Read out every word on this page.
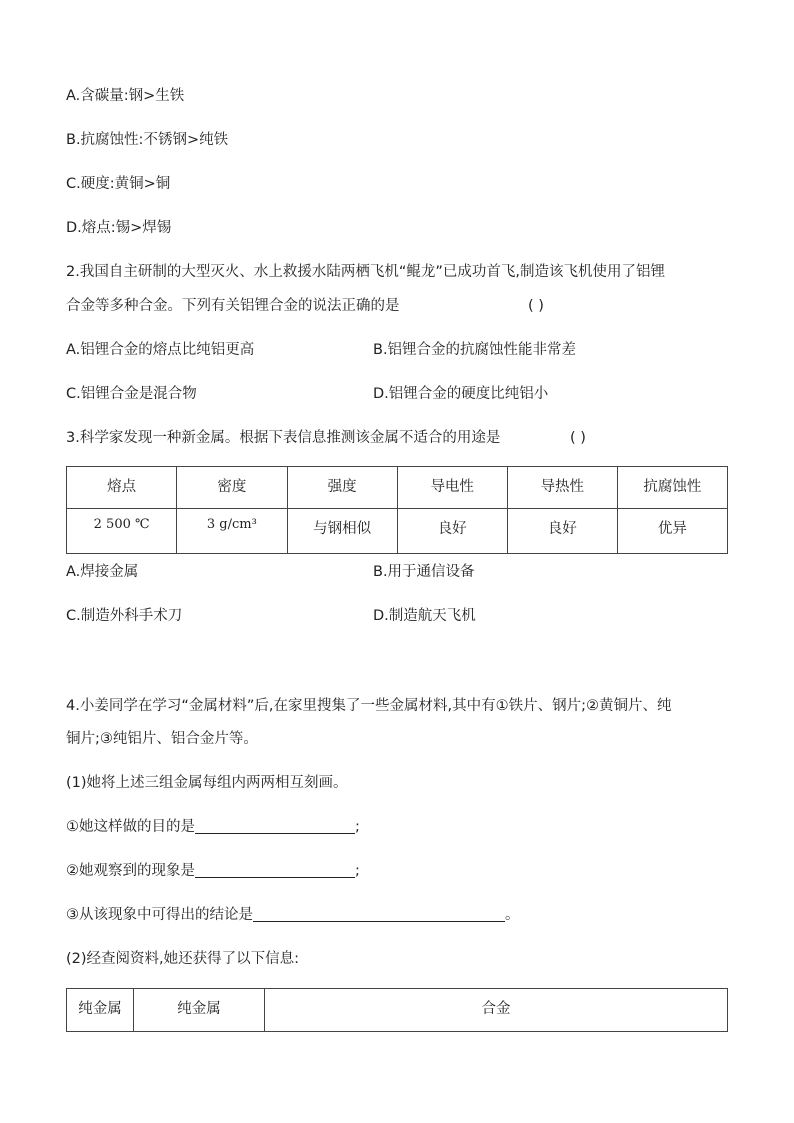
A.含碳量:钢>生铁
B.抗腐蚀性:不锈钢>纯铁
C.硬度:黄铜>铜
D.熔点:锡>焊锡
2.我国自主研制的大型灭火、水上救援水陆两栖飞机“鲲龙”已成功首飞,制造该飞机使用了铝锂
合金等多种合金。下列有关铝锂合金的说法正确的是	( )
A.铝锂合金的熔点比纯铝更高	B.铝锂合金的抗腐蚀性能非常差
C.铝锂合金是混合物	D.铝锂合金的硬度比纯铝小
3.科学家发现一种新金属。根据下表信息推测该金属不适合的用途是	( )
熔点	密度	强度	导电性	导热性	抗腐蚀性
2 500 ℃	3 g/cm³	与钢相似	良好	良好	优异
A.焊接金属	B.用于通信设备
C.制造外科手术刀	D.制造航天飞机
4.小姜同学在学习“金属材料”后,在家里搜集了一些金属材料,其中有①铁片、钢片;②黄铜片、纯
铜片;③纯铝片、铝合金片等。
(1)她将上述三组金属每组内两两相互刻画。
①她这样做的目的是	;
②她观察到的现象是	;
③从该现象中可得出的结论是	。
(2)经查阅资料,她还获得了以下信息:
纯金属	纯金属	合金
